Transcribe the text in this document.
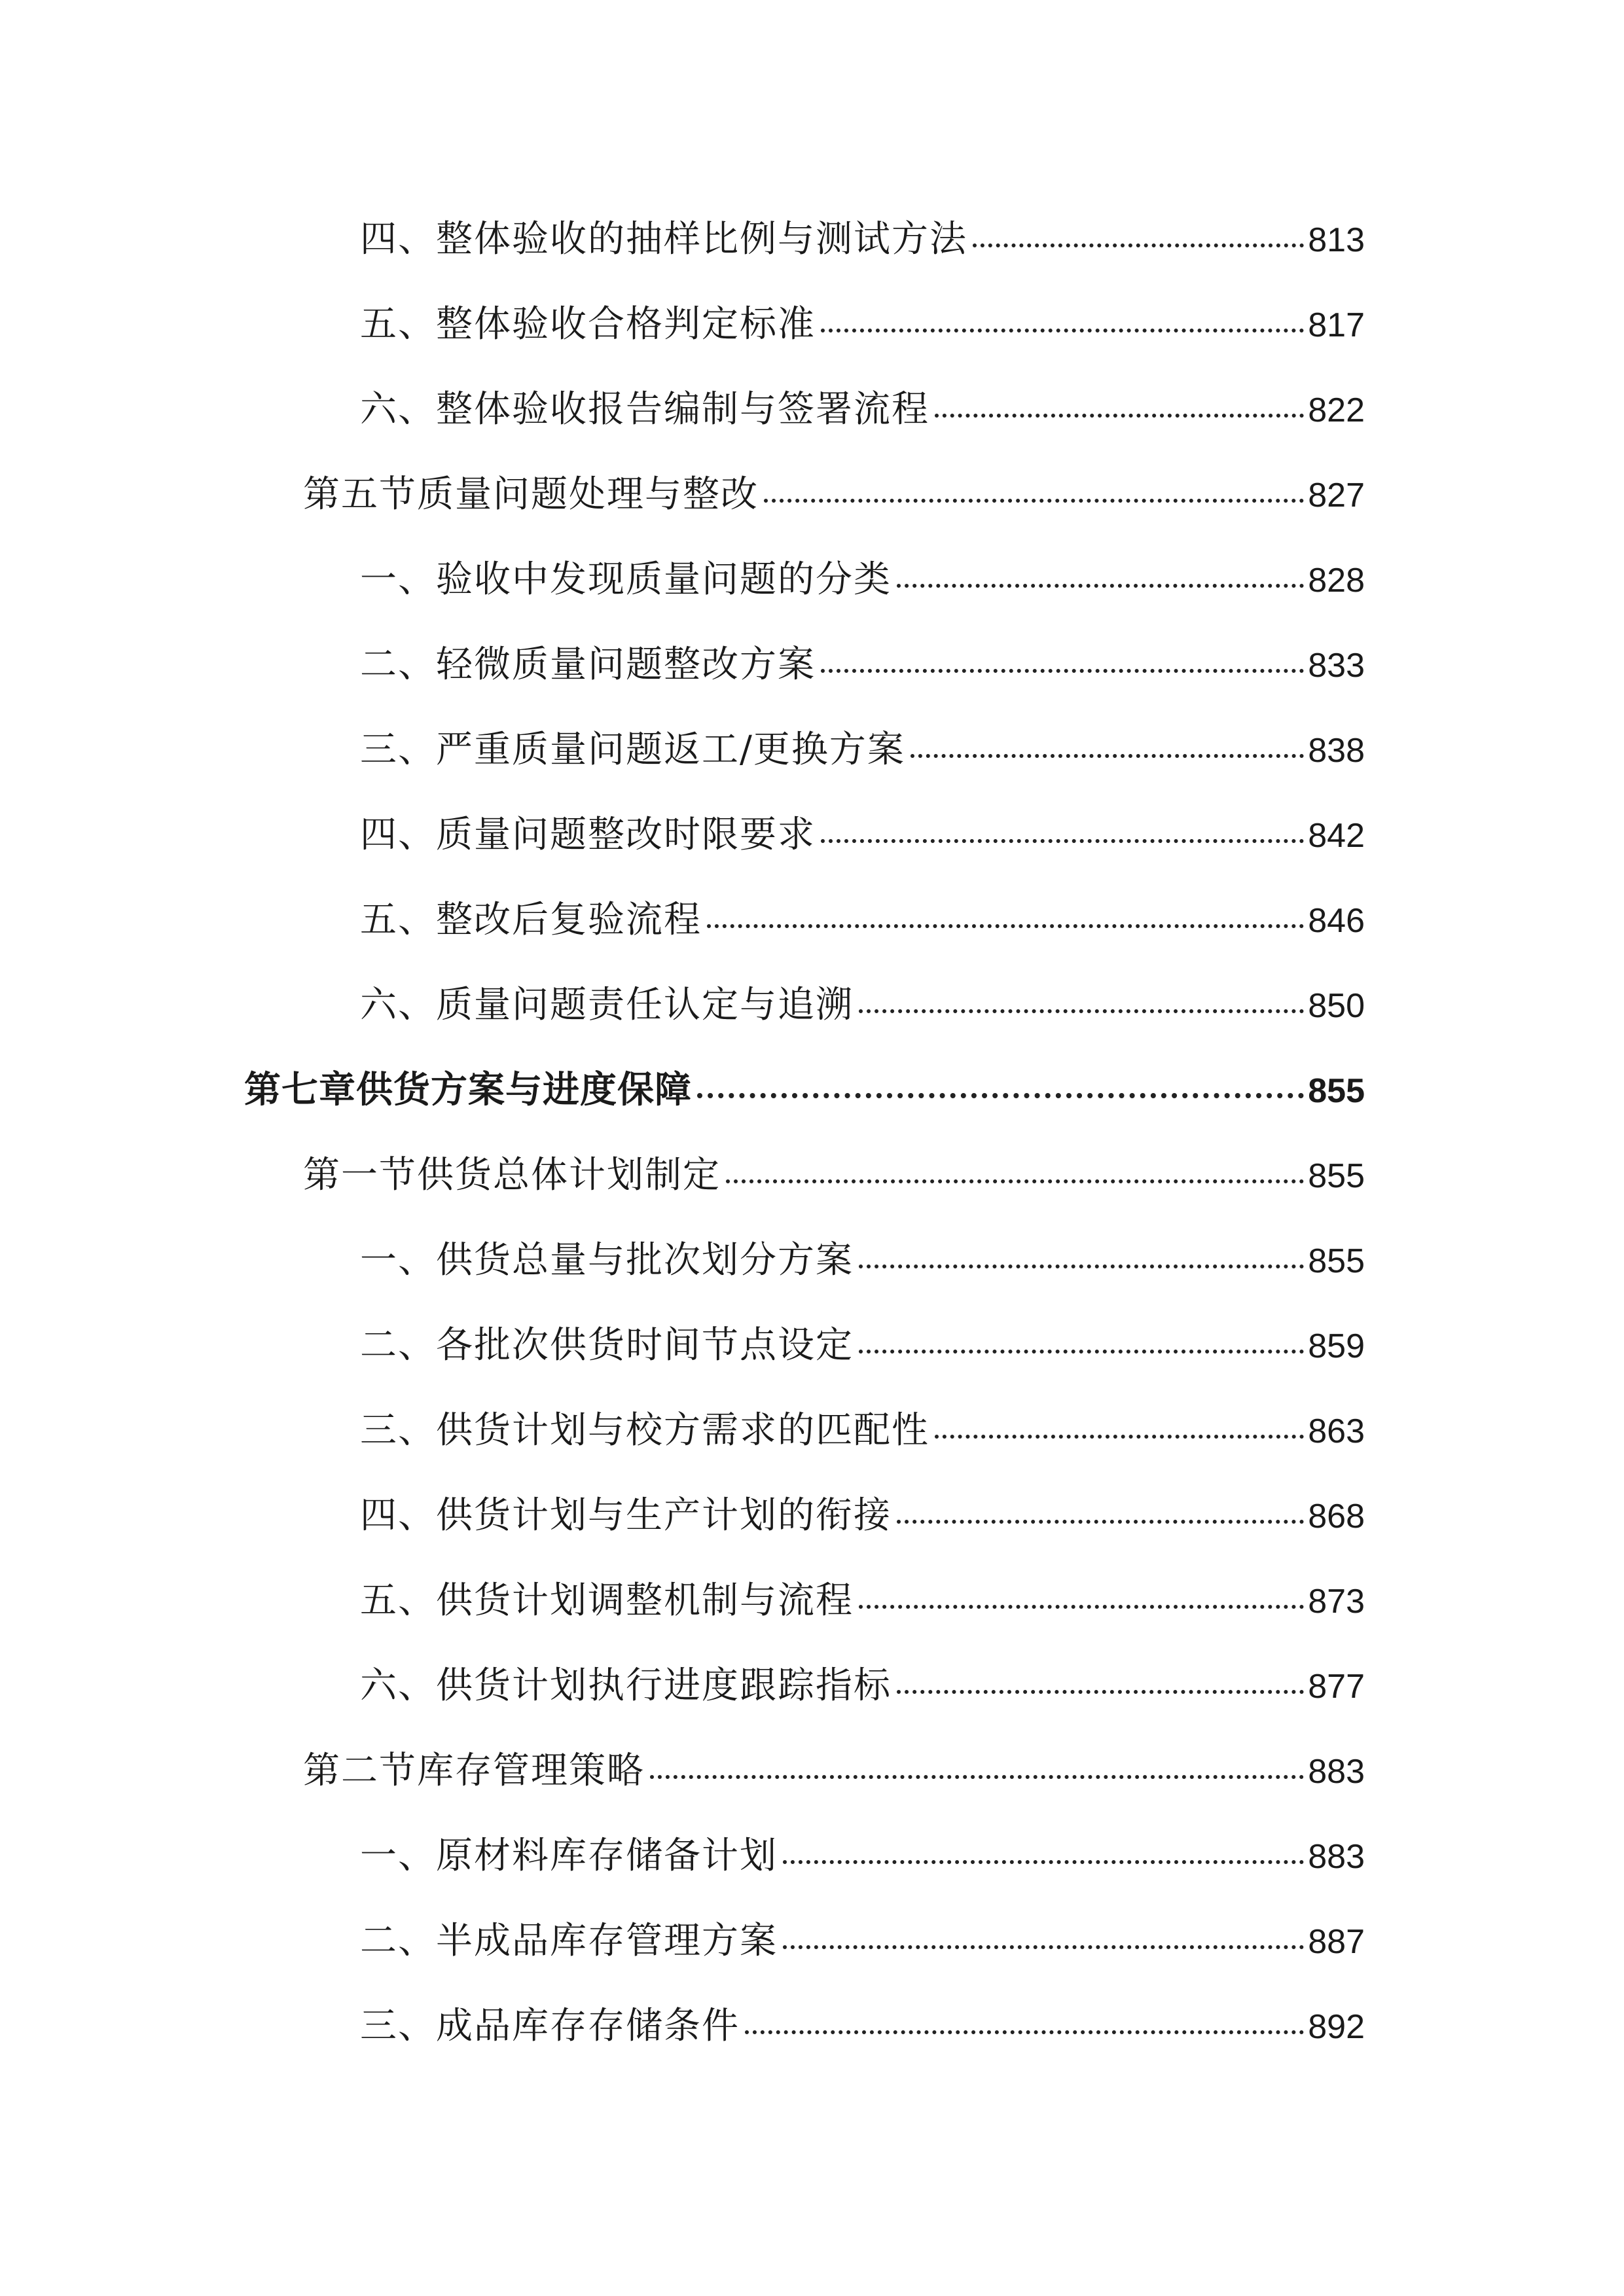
四、整体验收的抽样比例与测试方法	813
五、整体验收合格判定标准	817
六、整体验收报告编制与签署流程	822
第五节质量问题处理与整改	827
一、验收中发现质量问题的分类	828
二、轻微质量问题整改方案	833
三、严重质量问题返工/更换方案	838
四、质量问题整改时限要求	842
五、整改后复验流程	846
六、质量问题责任认定与追溯	850
第七章供货方案与进度保障	855
第一节供货总体计划制定	855
一、供货总量与批次划分方案	855
二、各批次供货时间节点设定	859
三、供货计划与校方需求的匹配性	863
四、供货计划与生产计划的衔接	868
五、供货计划调整机制与流程	873
六、供货计划执行进度跟踪指标	877
第二节库存管理策略	883
一、原材料库存储备计划	883
二、半成品库存管理方案	887
三、成品库存存储条件	892
